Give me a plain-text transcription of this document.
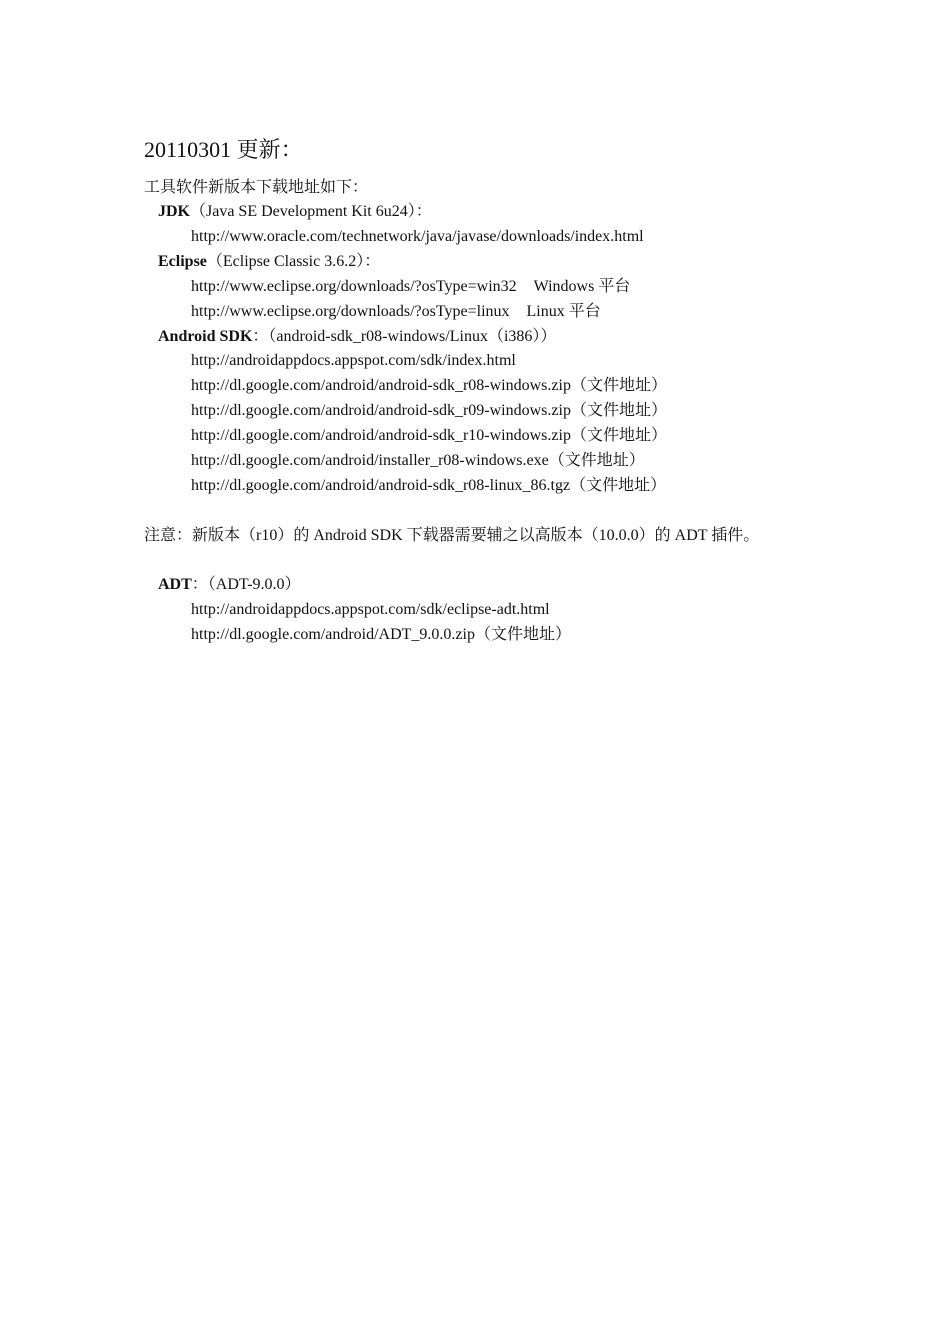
20110301 更新：
工具软件新版本下载地址如下：
JDK（Java SE Development Kit 6u24）：
http://www.oracle.com/technetwork/java/javase/downloads/index.html
Eclipse（Eclipse Classic 3.6.2）：
http://www.eclipse.org/downloads/?osType=win32 Windows 平台
http://www.eclipse.org/downloads/?osType=linux Linux 平台
Android SDK：（android-sdk_r08-windows/Linux（i386））
http://androidappdocs.appspot.com/sdk/index.html
http://dl.google.com/android/android-sdk_r08-windows.zip（文件地址）
http://dl.google.com/android/android-sdk_r09-windows.zip（文件地址）
http://dl.google.com/android/android-sdk_r10-windows.zip（文件地址）
http://dl.google.com/android/installer_r08-windows.exe（文件地址）
http://dl.google.com/android/android-sdk_r08-linux_86.tgz（文件地址）
注意：新版本（r10）的 Android SDK 下载器需要辅之以高版本（10.0.0）的 ADT 插件。
ADT：（ADT-9.0.0）
http://androidappdocs.appspot.com/sdk/eclipse-adt.html
http://dl.google.com/android/ADT_9.0.0.zip（文件地址）
